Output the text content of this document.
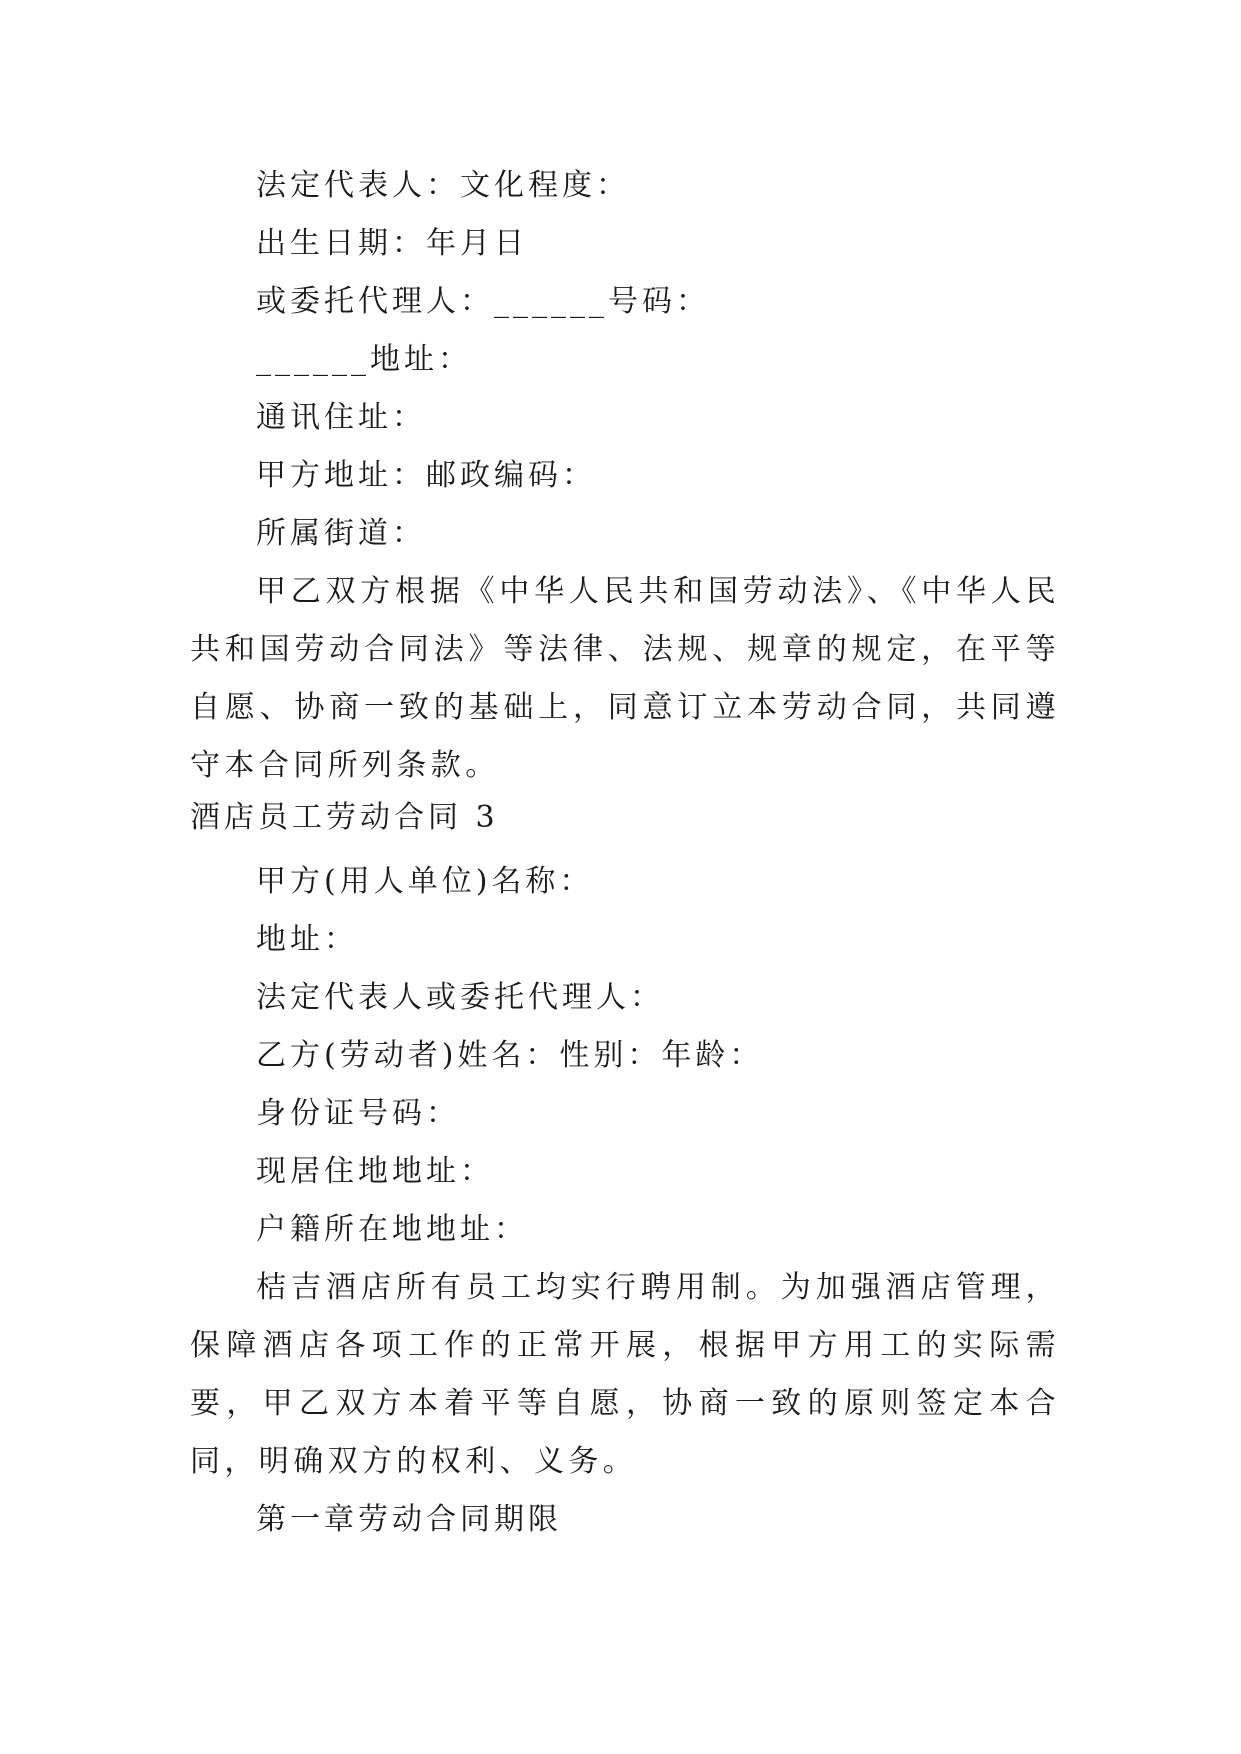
法定代表人：文化程度：
出生日期：年月日
或委托代理人：______号码：
______地址：
通讯住址：
甲方地址：邮政编码：
所属街道：

甲乙双方根据《中华人民共和国劳动法》、《中华人民共和国劳动合同法》等法律、法规、规章的规定，在平等自愿、协商一致的基础上，同意订立本劳动合同，共同遵守本合同所列条款。

酒店员工劳动合同 3
甲方(用人单位)名称：
地址：
法定代表人或委托代理人：
乙方(劳动者)姓名：性别：年龄：
身份证号码：
现居住地地址：
户籍所在地地址：

桔吉酒店所有员工均实行聘用制。为加强酒店管理，保障酒店各项工作的正常开展，根据甲方用工的实际需要，甲乙双方本着平等自愿，协商一致的原则签定本合同，明确双方的权利、义务。

第一章劳动合同期限
